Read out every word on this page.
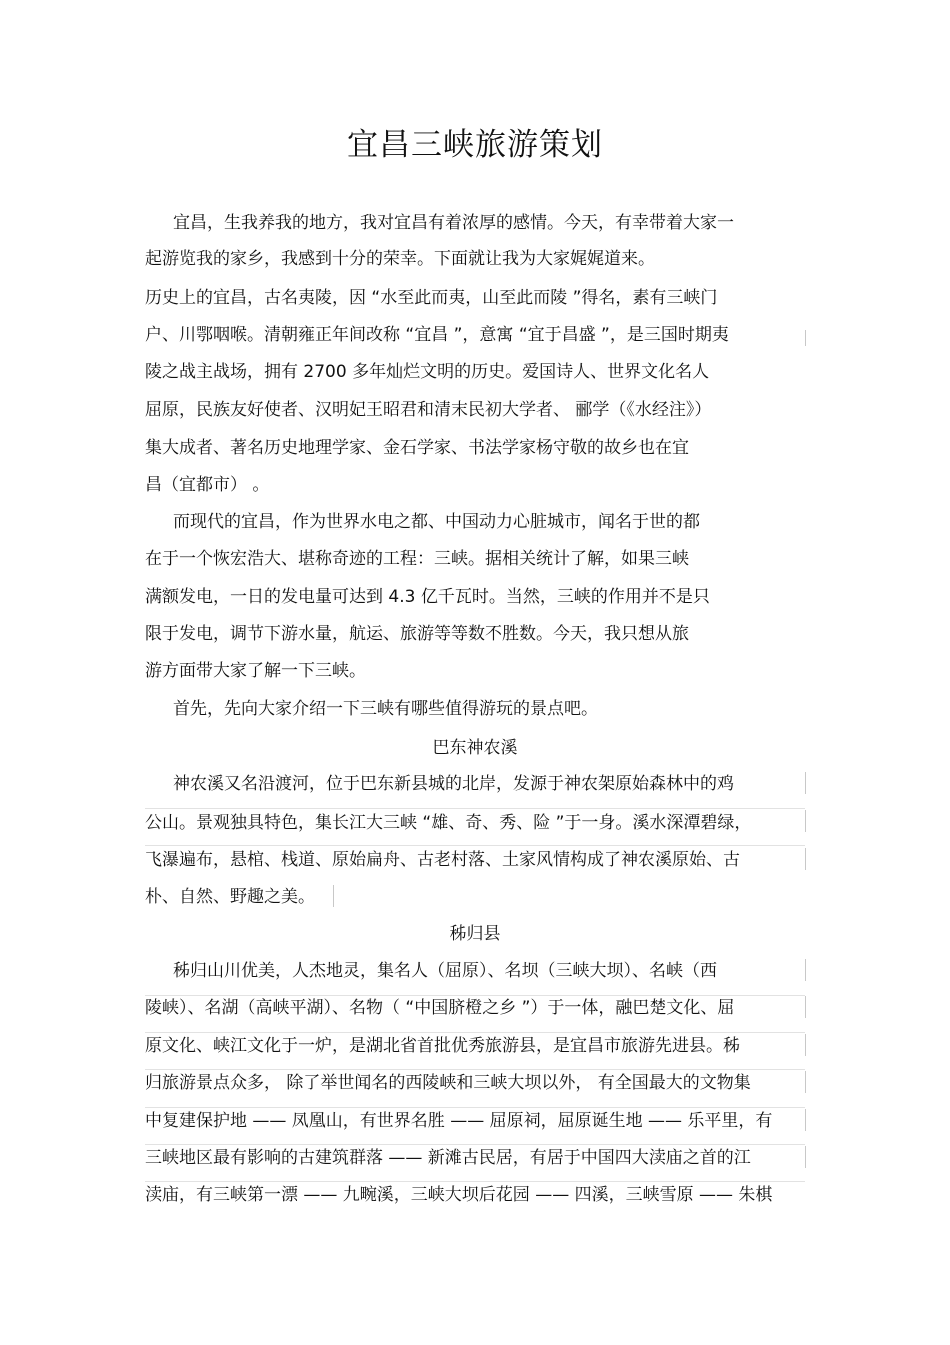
宜昌三峡旅游策划
宜昌，生我养我的地方，我对宜昌有着浓厚的感情。今天，有幸带着大家一
起游览我的家乡，我感到十分的荣幸。下面就让我为大家娓娓道来。
历史上的宜昌，古名夷陵，因 “水至此而夷，山至此而陵 ”得名，素有三峡门
户、川鄂咽喉。清朝雍正年间改称 “宜昌 ”，意寓 “宜于昌盛 ”，是三国时期夷
陵之战主战场，拥有 2700 多年灿烂文明的历史。爱国诗人、世界文化名人
屈原，民族友好使者、汉明妃王昭君和清末民初大学者、 郦学（《水经注》）
集大成者、著名历史地理学家、金石学家、书法学家杨守敬的故乡也在宜
昌（宜都市） 。
而现代的宜昌，作为世界水电之都、中国动力心脏城市，闻名于世的都
在于一个恢宏浩大、堪称奇迹的工程：三峡。据相关统计了解，如果三峡
满额发电，一日的发电量可达到 4.3 亿千瓦时。当然，三峡的作用并不是只
限于发电，调节下游水量，航运、旅游等等数不胜数。今天，我只想从旅
游方面带大家了解一下三峡。
首先，先向大家介绍一下三峡有哪些值得游玩的景点吧。
巴东神农溪
神农溪又名沿渡河，位于巴东新县城的北岸，发源于神农架原始森林中的鸡
公山。景观独具特色，集长江大三峡 “雄、奇、秀、险 ”于一身。溪水深潭碧绿，
飞瀑遍布，悬棺、栈道、原始扁舟、古老村落、土家风情构成了神农溪原始、古
朴、自然、野趣之美。
秭归县
秭归山川优美，人杰地灵，集名人（屈原）、名坝（三峡大坝）、名峡（西
陵峡）、名湖（高峡平湖）、名物（ “中国脐橙之乡 ”）于一体，融巴楚文化、屈
原文化、峡江文化于一炉，是湖北省首批优秀旅游县，是宜昌市旅游先进县。秭
归旅游景点众多， 除了举世闻名的西陵峡和三峡大坝以外， 有全国最大的文物集
中复建保护地 —— 凤凰山，有世界名胜 —— 屈原祠，屈原诞生地 —— 乐平里，有
三峡地区最有影响的古建筑群落 —— 新滩古民居，有居于中国四大渎庙之首的江
渎庙，有三峡第一漂 —— 九畹溪，三峡大坝后花园 —— 四溪，三峡雪原 —— 朱棋
